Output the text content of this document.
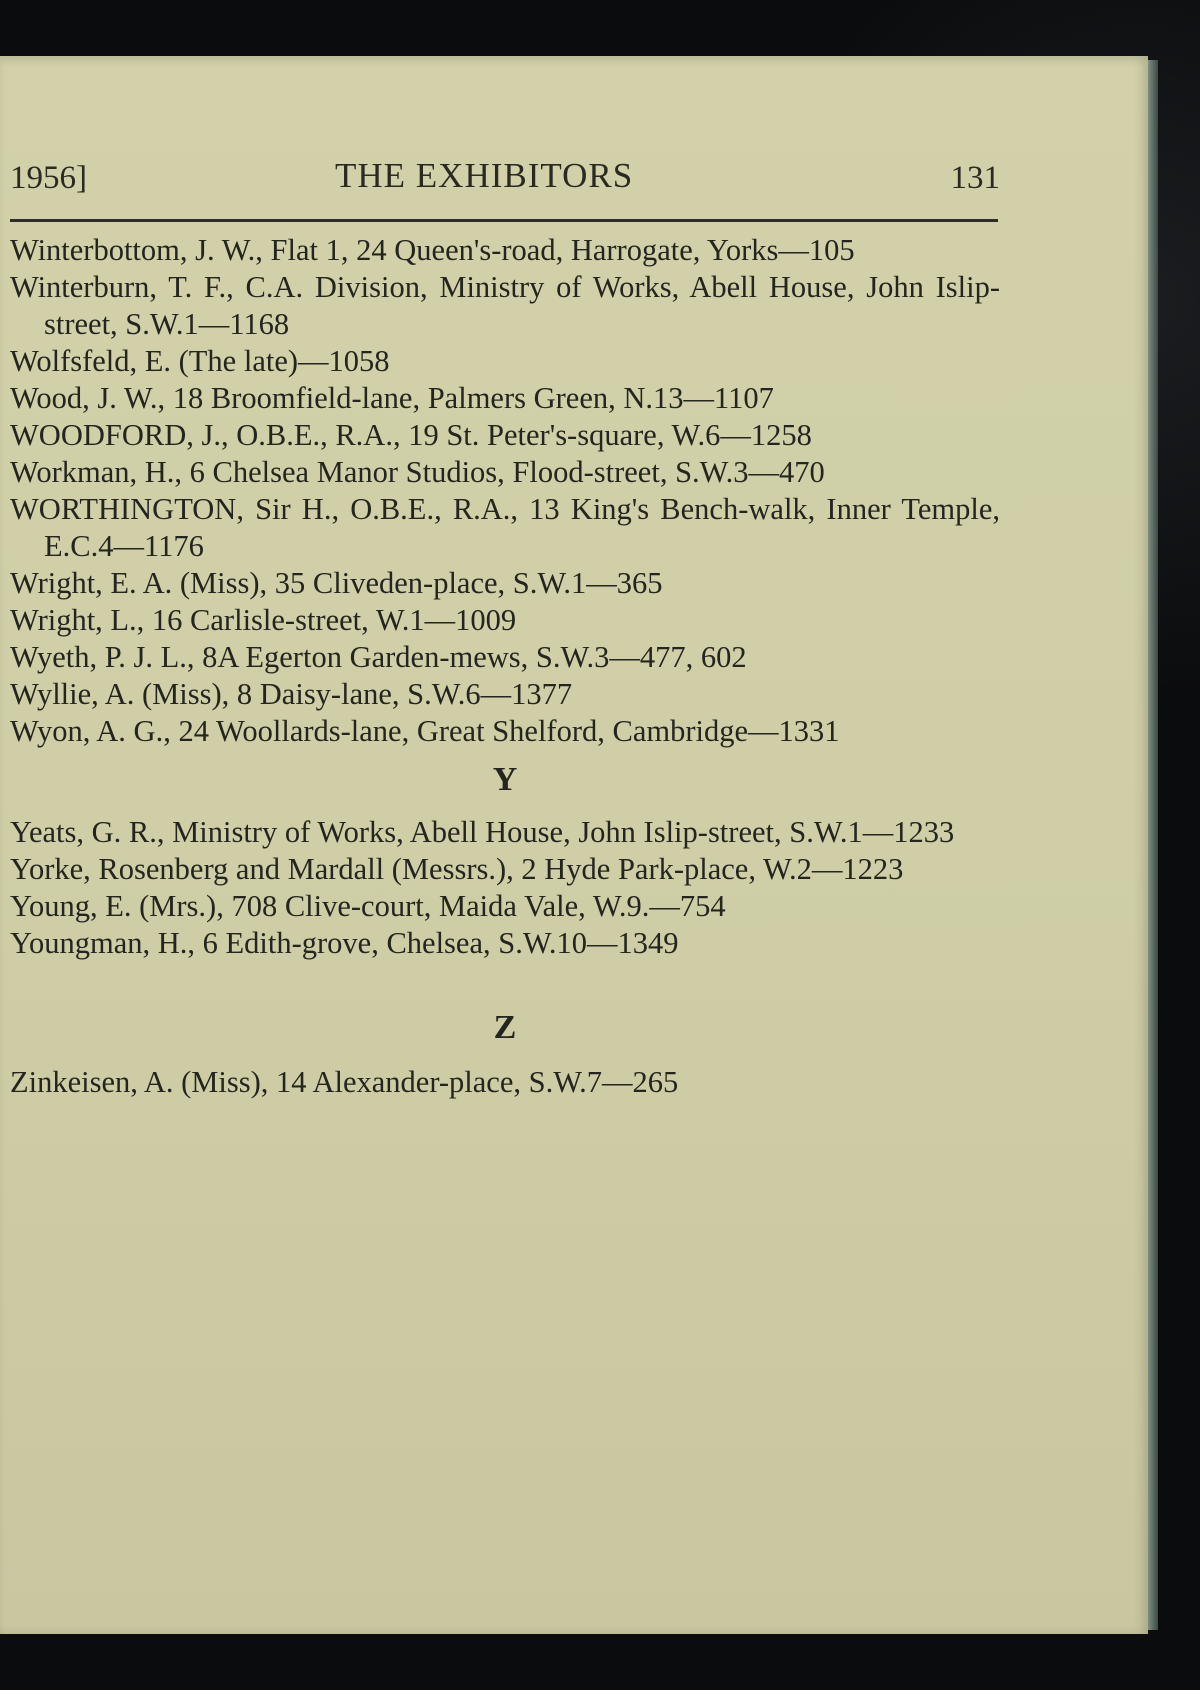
1956]	THE EXHIBITORS	131
Winterbottom, J. W., Flat 1, 24 Queen's-road, Harrogate, Yorks—105
Winterburn, T. F., C.A. Division, Ministry of Works, Abell House, John Islip-street, S.W.1—1168
Wolfsfeld, E. (The late)—1058
Wood, J. W., 18 Broomfield-lane, Palmers Green, N.13—1107
WOODFORD, J., O.B.E., R.A., 19 St. Peter's-square, W.6—1258
Workman, H., 6 Chelsea Manor Studios, Flood-street, S.W.3—470
WORTHINGTON, Sir H., O.B.E., R.A., 13 King's Bench-walk, Inner Temple, E.C.4—1176
Wright, E. A. (Miss), 35 Cliveden-place, S.W.1—365
Wright, L., 16 Carlisle-street, W.1—1009
Wyeth, P. J. L., 8A Egerton Garden-mews, S.W.3—477, 602
Wyllie, A. (Miss), 8 Daisy-lane, S.W.6—1377
Wyon, A. G., 24 Woollards-lane, Great Shelford, Cambridge—1331
Y
Yeats, G. R., Ministry of Works, Abell House, John Islip-street, S.W.1—1233
Yorke, Rosenberg and Mardall (Messrs.), 2 Hyde Park-place, W.2—1223
Young, E. (Mrs.), 708 Clive-court, Maida Vale, W.9.—754
Youngman, H., 6 Edith-grove, Chelsea, S.W.10—1349
Z
Zinkeisen, A. (Miss), 14 Alexander-place, S.W.7—265
